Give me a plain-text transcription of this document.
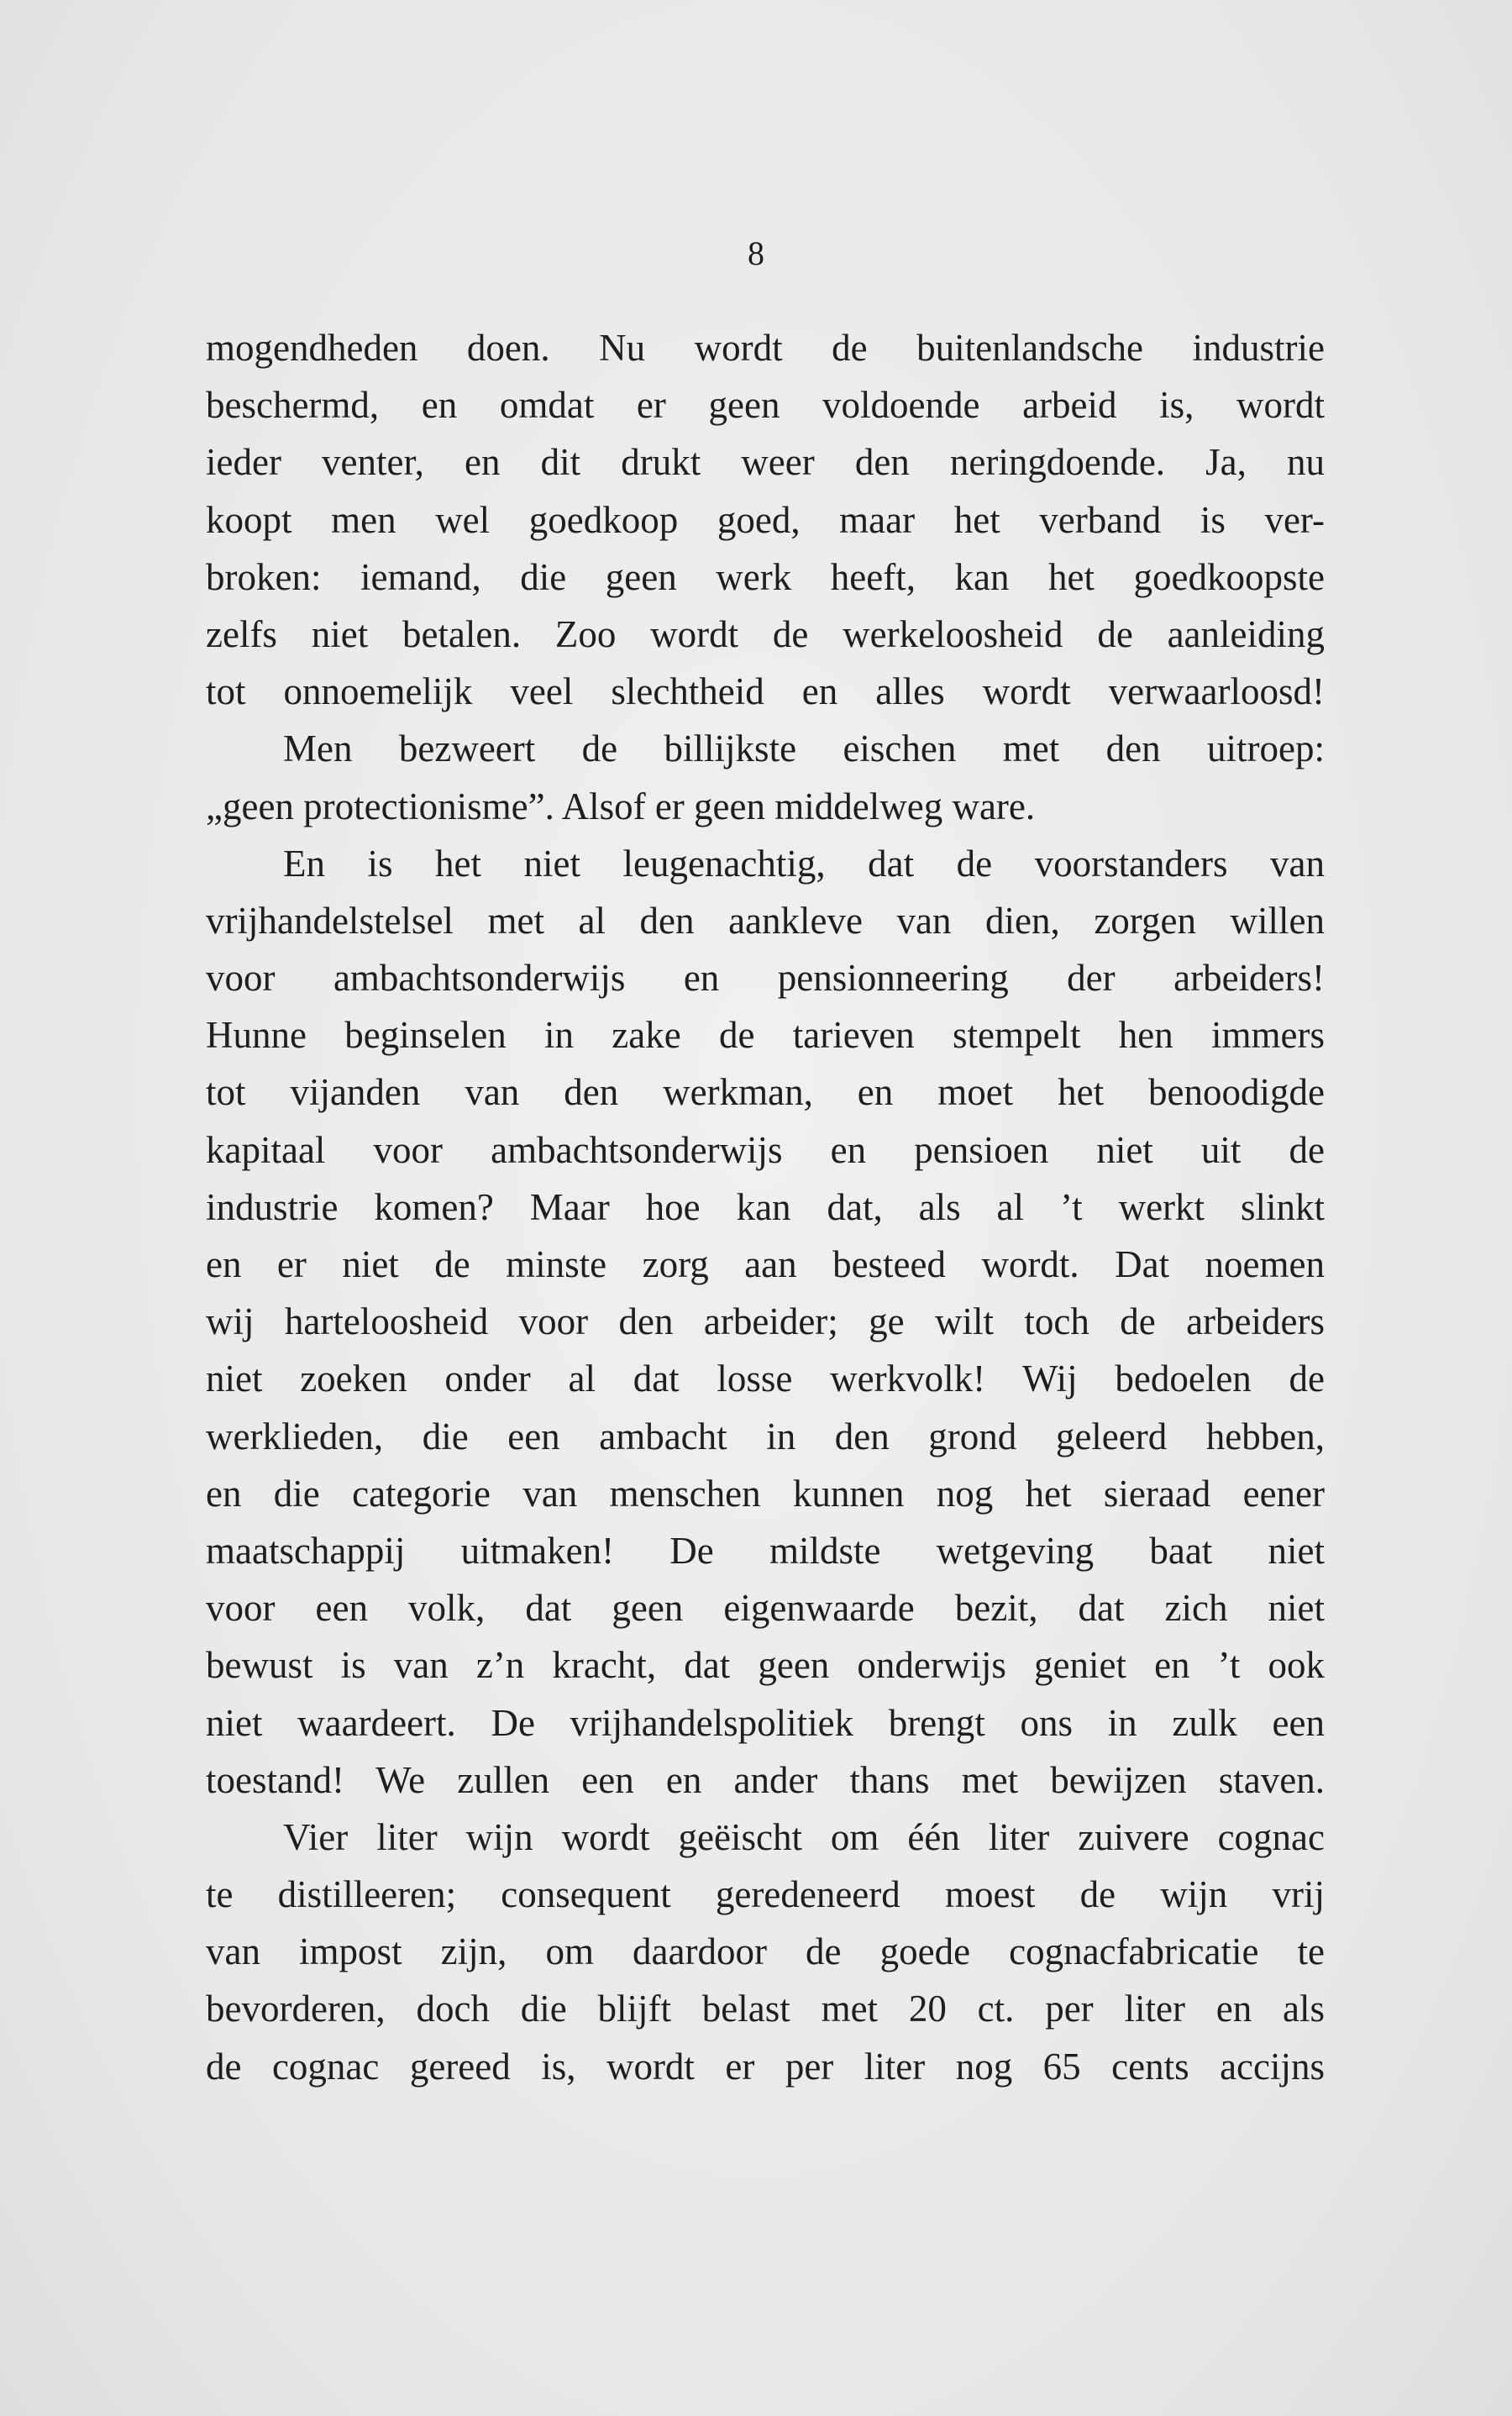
8
mogendheden doen. Nu wordt de buitenlandsche industrie
beschermd, en omdat er geen voldoende arbeid is, wordt
ieder venter, en dit drukt weer den neringdoende. Ja, nu
koopt men wel goedkoop goed, maar het verband is ver-
broken: iemand, die geen werk heeft, kan het goedkoopste
zelfs niet betalen. Zoo wordt de werkeloosheid de aanleiding
tot onnoemelijk veel slechtheid en alles wordt verwaarloosd!
Men bezweert de billijkste eischen met den uitroep:
„geen protectionisme”. Alsof er geen middelweg ware.
En is het niet leugenachtig, dat de voorstanders van
vrijhandelstelsel met al den aankleve van dien, zorgen willen
voor ambachtsonderwijs en pensionneering der arbeiders!
Hunne beginselen in zake de tarieven stempelt hen immers
tot vijanden van den werkman, en moet het benoodigde
kapitaal voor ambachtsonderwijs en pensioen niet uit de
industrie komen? Maar hoe kan dat, als al ’t werkt slinkt
en er niet de minste zorg aan besteed wordt. Dat noemen
wij harteloosheid voor den arbeider; ge wilt toch de arbeiders
niet zoeken onder al dat losse werkvolk! Wij bedoelen de
werklieden, die een ambacht in den grond geleerd hebben,
en die categorie van menschen kunnen nog het sieraad eener
maatschappij uitmaken! De mildste wetgeving baat niet
voor een volk, dat geen eigenwaarde bezit, dat zich niet
bewust is van z’n kracht, dat geen onderwijs geniet en ’t ook
niet waardeert. De vrijhandelspolitiek brengt ons in zulk een
toestand! We zullen een en ander thans met bewijzen staven.
Vier liter wijn wordt geëischt om één liter zuivere cognac
te distilleeren; consequent geredeneerd moest de wijn vrij
van impost zijn, om daardoor de goede cognacfabricatie te
bevorderen, doch die blijft belast met 20 ct. per liter en als
de cognac gereed is, wordt er per liter nog 65 cents accijns
